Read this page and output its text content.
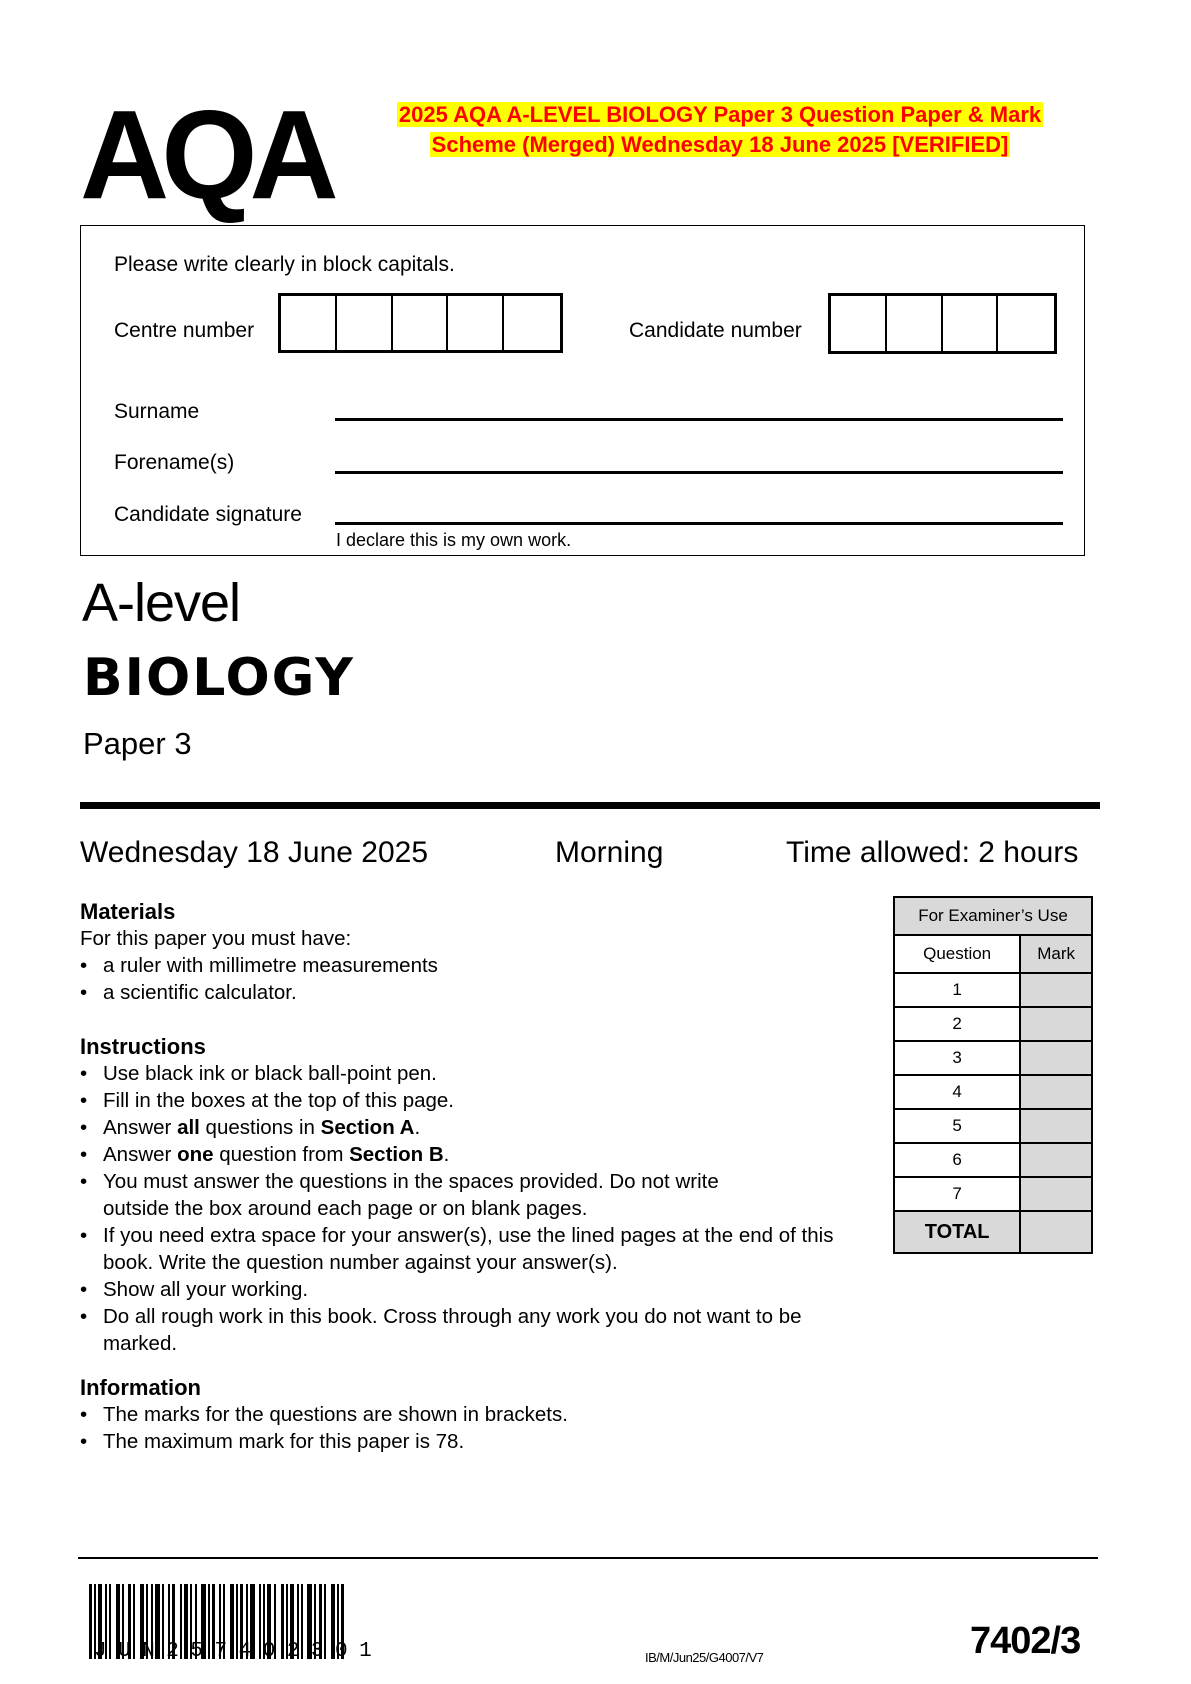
AQA	2025 AQA A-LEVEL BIOLOGY Paper 3 Question Paper & Mark
Scheme (Merged) Wednesday 18 June 2025 [VERIFIED]
Please write clearly in block capitals.
Centre number	Candidate number
Surname
Forename(s)
Candidate signature
I declare this is my own work.
A-level
BIOLOGY
Paper 3
Wednesday 18 June 2025	Morning	Time allowed: 2 hours
Materials
For this paper you must have:
• a ruler with millimetre measurements
• a scientific calculator.
Instructions
• Use black ink or black ball-point pen.
• Fill in the boxes at the top of this page.
• Answer all questions in Section A.
• Answer one question from Section B.
• You must answer the questions in the spaces provided. Do not write outside the box around each page or on blank pages.
• If you need extra space for your answer(s), use the lined pages at the end of this book. Write the question number against your answer(s).
• Show all your working.
• Do all rough work in this book. Cross through any work you do not want to be marked.
Information
• The marks for the questions are shown in brackets.
• The maximum mark for this paper is 78.
For Examiner’s Use	
Question	Mark
1	
2	
3	
4	
5	
6	
7	
TOTAL	
JUN257402301	IB/M/Jun25/G4007/V7	7402/3
